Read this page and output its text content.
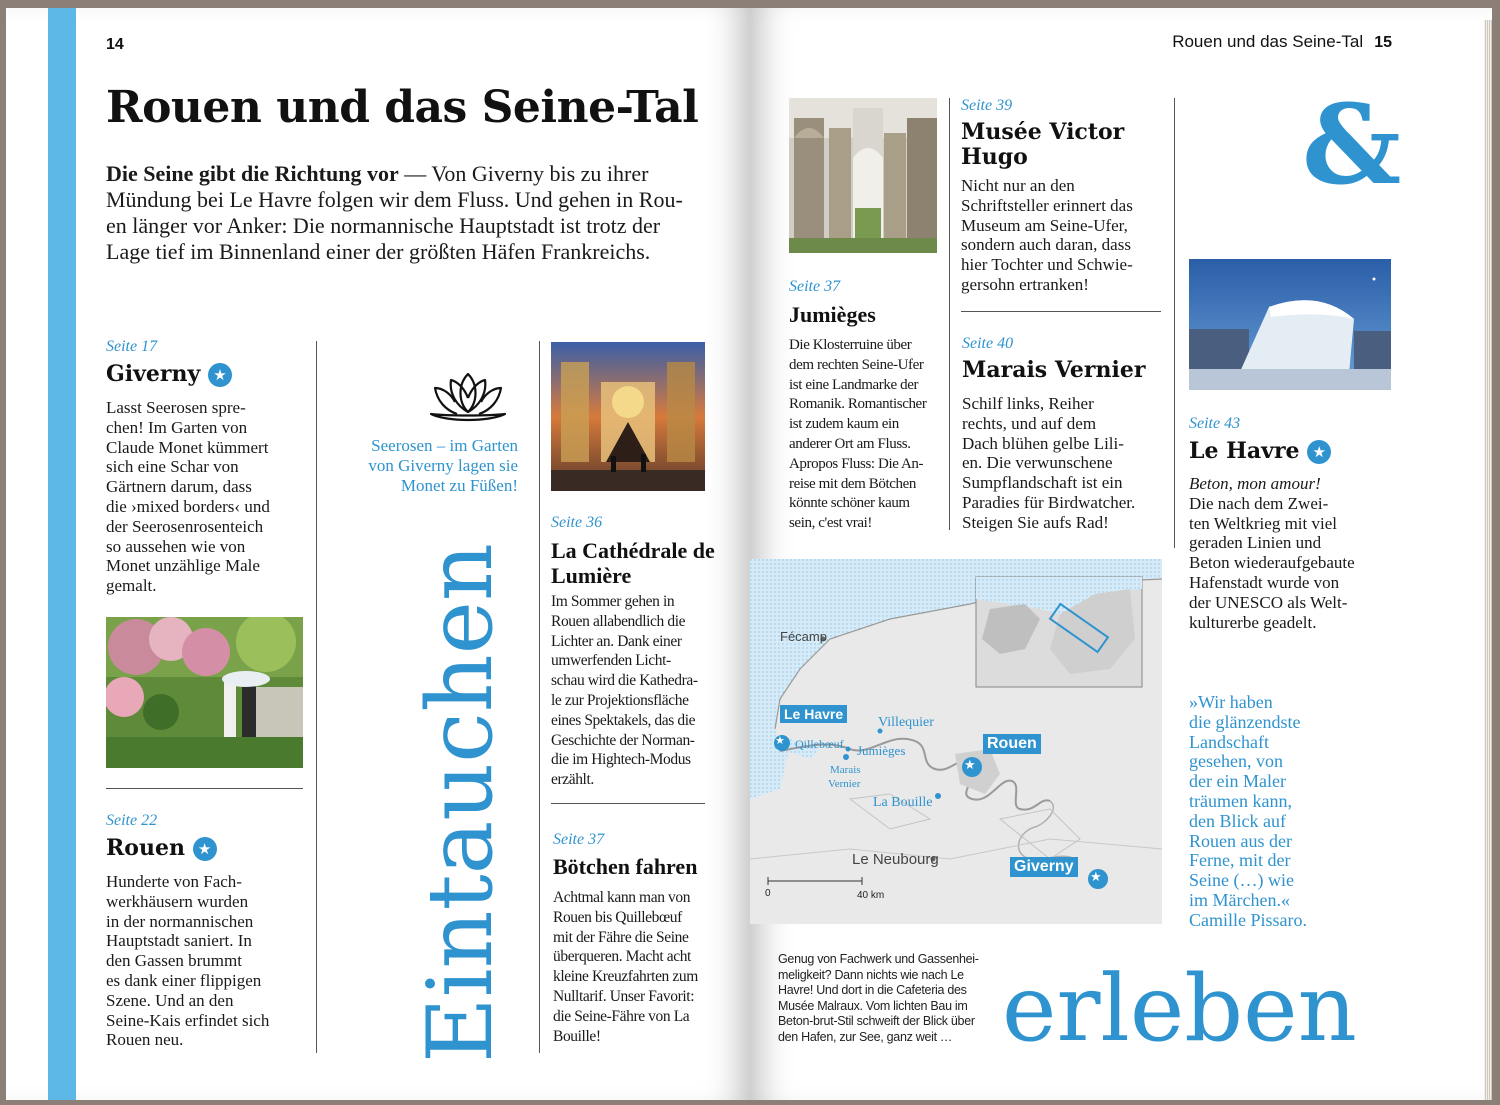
14
Rouen und das Seine-Tal
Die Seine gibt die Richtung vor — Von Giverny bis zu ihrer
Mündung bei Le Havre folgen wir dem Fluss. Und gehen in Rou-
en länger vor Anker: Die normannische Hauptstadt ist trotz der
Lage tief im Binnenland einer der größten Häfen Frankreichs.
Seite 17
Giverny ★
Lasst Seerosen spre-
chen! Im Garten von
Claude Monet kümmert
sich eine Schar von
Gärtnern darum, dass
die ›mixed borders‹ und
der Seerosenrosenteich
so aussehen wie von
Monet unzählige Male
gemalt.
Seite 22
Rouen ★
Hunderte von Fach-
werkhäusern wurden
in der normannischen
Hauptstadt saniert. In
den Gassen brummt
es dank einer flippigen
Szene. Und an den
Seine-Kais erfindet sich
Rouen neu.
Seerosen – im Garten
von Giverny lagen sie
Monet zu Füßen!
Eintauchen
Seite 36
La Cathédrale de
Lumière
Im Sommer gehen in
Rouen allabendlich die
Lichter an. Dank einer
umwerfenden Licht-
schau wird die Kathedra-
le zur Projektionsfläche
eines Spektakels, das die
Geschichte der Norman-
die im Hightech-Modus
erzählt.
Seite 37
Bötchen fahren
Achtmal kann man von
Rouen bis Quillebœuf
mit der Fähre die Seine
überqueren. Macht acht
kleine Kreuzfahrten zum
Nulltarif. Unser Favorit:
die Seine-Fähre von La
Bouille!
Rouen und das Seine-Tal 15
Seite 37
Jumièges
Die Klosterruine über
dem rechten Seine-Ufer
ist eine Landmarke der
Romanik. Romantischer
ist zudem kaum ein
anderer Ort am Fluss.
Apropos Fluss: Die An-
reise mit dem Bötchen
könnte schöner kaum
sein, c'est vrai!
Seite 39
Musée Victor
Hugo
Nicht nur an den
Schriftsteller erinnert das
Museum am Seine-Ufer,
sondern auch daran, dass
hier Tochter und Schwie-
gersohn ertranken!
Seite 40
Marais Vernier
Schilf links, Reiher
rechts, und auf dem
Dach blühen gelbe Lili-
en. Die verwunschene
Sumpflandschaft ist ein
Paradies für Birdwatcher.
Steigen Sie aufs Rad!
&
Seite 43
Le Havre ★
Beton, mon amour!
Die nach dem Zwei-
ten Weltkrieg mit viel
geraden Linien und
Beton wiederaufgebaute
Hafenstadt wurde von
der UNESCO als Welt-
kulturerbe geadelt.
»Wir haben
die glänzendste
Landschaft
gesehen, von
der ein Maler
träumen kann,
den Blick auf
Rouen aus der
Ferne, mit der
Seine (…) wie
im Märchen.«
Camille Pissaro.
★
★
★
Fécamp
Le Havre
Qillebœuf Jumièges
Villequier
Rouen
Marais
Vernier
La Bouille
Le Neubourg	Giverny
0	40 km
Genug von Fachwerk und Gassenhei-
meligkeit? Dann nichts wie nach Le
Havre! Und dort in die Cafeteria des
Musée Malraux. Vom lichten Bau im
Beton-brut-Stil schweift der Blick über
den Hafen, zur See, ganz weit … erleben
